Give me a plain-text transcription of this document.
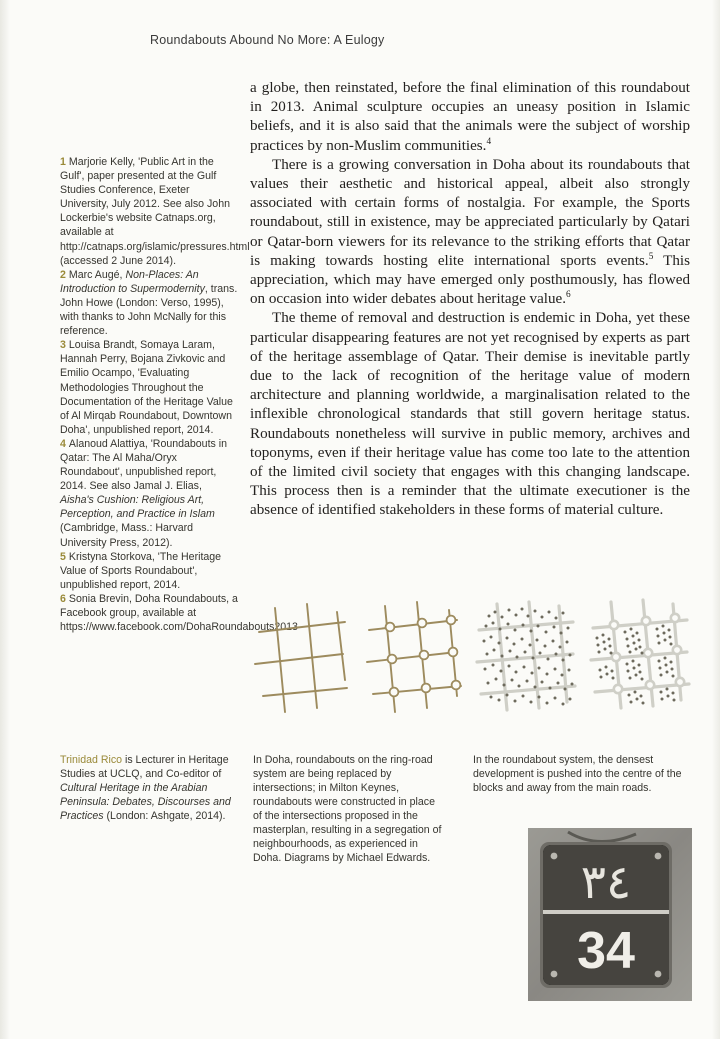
Roundabouts Abound No More: A Eulogy

a globe, then reinstated, before the final elimination of this roundabout in 2013. Animal sculpture occupies an uneasy position in Islamic beliefs, and it is also said that the animals were the subject of worship practices by non-Muslim communities.$^4$

There is a growing conversation in Doha about its roundabouts that values their aesthetic and historical appeal, albeit also strongly associated with certain forms of nostalgia. For example, the Sports roundabout, still in existence, may be appreciated particularly by Qatari or Qatar-born viewers for its relevance to the striking efforts that Qatar is making towards hosting elite international sports events.$^5$ This appreciation, which may have emerged only posthumously, has flowed on occasion into wider debates about heritage value.$^6$

The theme of removal and destruction is endemic in Doha, yet these particular disappearing features are not yet recognised by experts as part of the heritage assemblage of Qatar. Their demise is inevitable partly due to the lack of recognition of the heritage value of modern architecture and planning worldwide, a marginalisation related to the inflexible chronological standards that still govern heritage status. Roundabouts nonetheless will survive in public memory, archives and toponyms, even if their heritage value has come too late to the attention of the limited civil society that engages with this changing landscape. This process then is a reminder that the ultimate executioner is the absence of identified stakeholders in these forms of material culture.

1 Marjorie Kelly, 'Public Art in the Gulf', paper presented at the Gulf Studies Conference, Exeter University, July 2012. See also John Lockerbie's website Catnaps.org, available at http://catnaps.org/islamic/pressures.html (accessed 2 June 2014).

2 Marc Augé, Non-Places: An Introduction to Supermodernity, trans. John Howe (London: Verso, 1995), with thanks to John McNally for this reference.

3 Louisa Brandt, Somaya Laram, Hannah Perry, Bojana Zivkovic and Emilio Ocampo, 'Evaluating Methodologies Throughout the Documentation of the Heritage Value of Al Mirqab Roundabout, Downtown Doha', unpublished report, 2014.

4 Alanoud Alattiya, 'Roundabouts in Qatar: The Al Maha/Oryx Roundabout', unpublished report, 2014. See also Jamal J. Elias, Aisha's Cushion: Religious Art, Perception, and Practice in Islam (Cambridge, Mass.: Harvard University Press, 2012).

5 Kristyna Storkova, 'The Heritage Value of Sports Roundabout', unpublished report, 2014.

6 Sonia Brevin, Doha Roundabouts, a Facebook group, available at https://www.facebook.com/DohaRoundabouts2013

Trinidad Rico is Lecturer in Heritage Studies at UCLQ, and Co-editor of Cultural Heritage in the Arabian Peninsula: Debates, Discourses and Practices (London: Ashgate, 2014).

In Doha, roundabouts on the ring-road system are being replaced by intersections; in Milton Keynes, roundabouts were constructed in place of the intersections proposed in the masterplan, resulting in a segregation of neighbourhoods, as experienced in Doha. Diagrams by Michael Edwards.

In the roundabout system, the densest development is pushed into the centre of the blocks and away from the main roads.

٣٤
34
